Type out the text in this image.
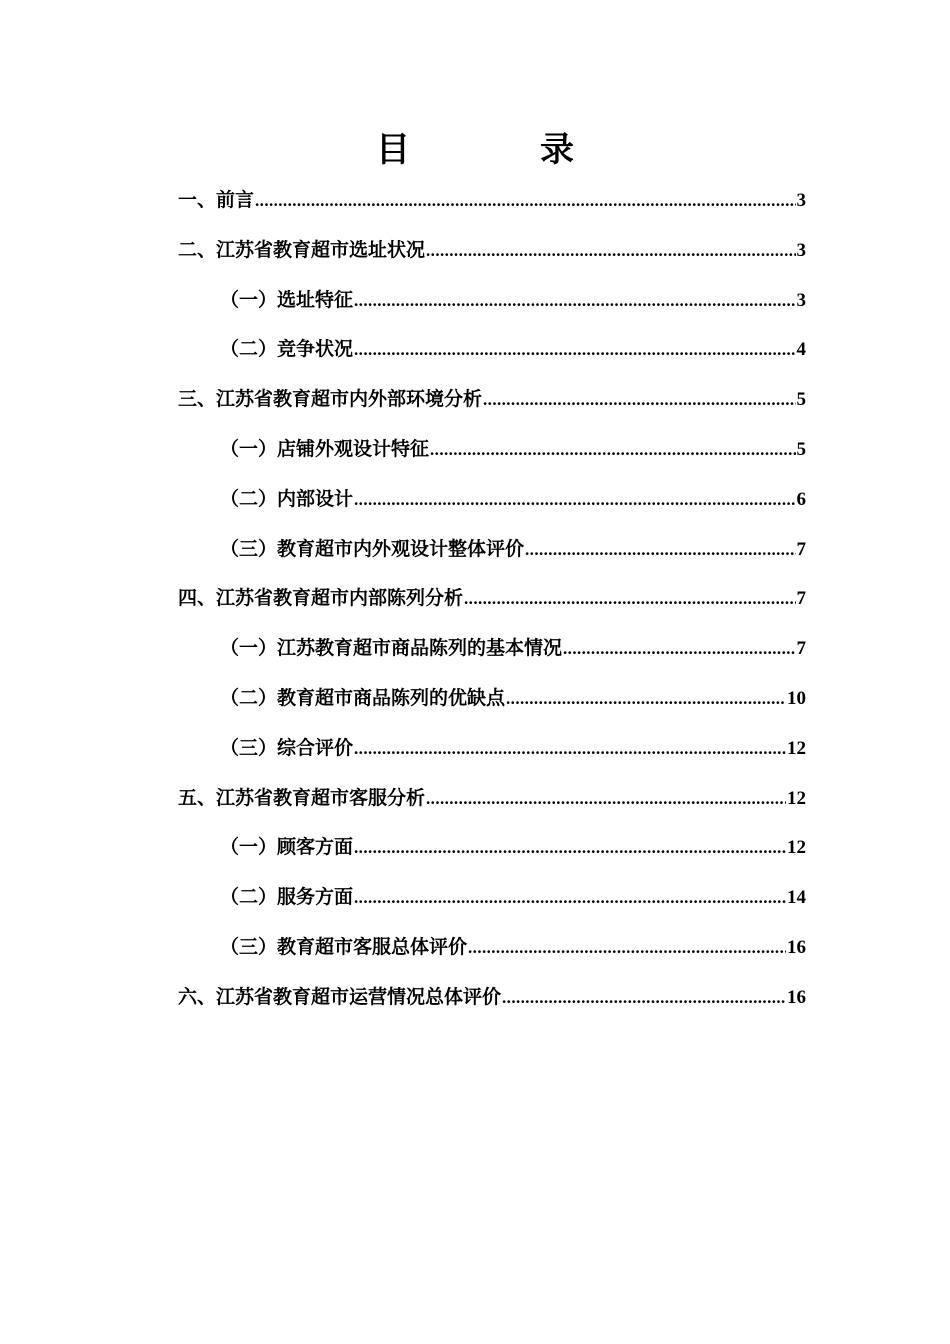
目　录
一、前言 .....	3
二、江苏省教育超市选址状况 .....	3
（一）选址特征 .....	3
（二）竞争状况 .....	4
三、江苏省教育超市内外部环境分析 .....	5
（一）店铺外观设计特征 .....	5
（二）内部设计 .....	6
（三）教育超市内外观设计整体评价 .....	7
四、江苏省教育超市内部陈列分析 .....	7
（一）江苏教育超市商品陈列的基本情况 .....	7
（二）教育超市商品陈列的优缺点 .....	10
（三）综合评价 .....	12
五、江苏省教育超市客服分析 .....	12
（一）顾客方面 .....	12
（二）服务方面 .....	14
（三）教育超市客服总体评价 .....	16
六、江苏省教育超市运营情况总体评价 .....	16
